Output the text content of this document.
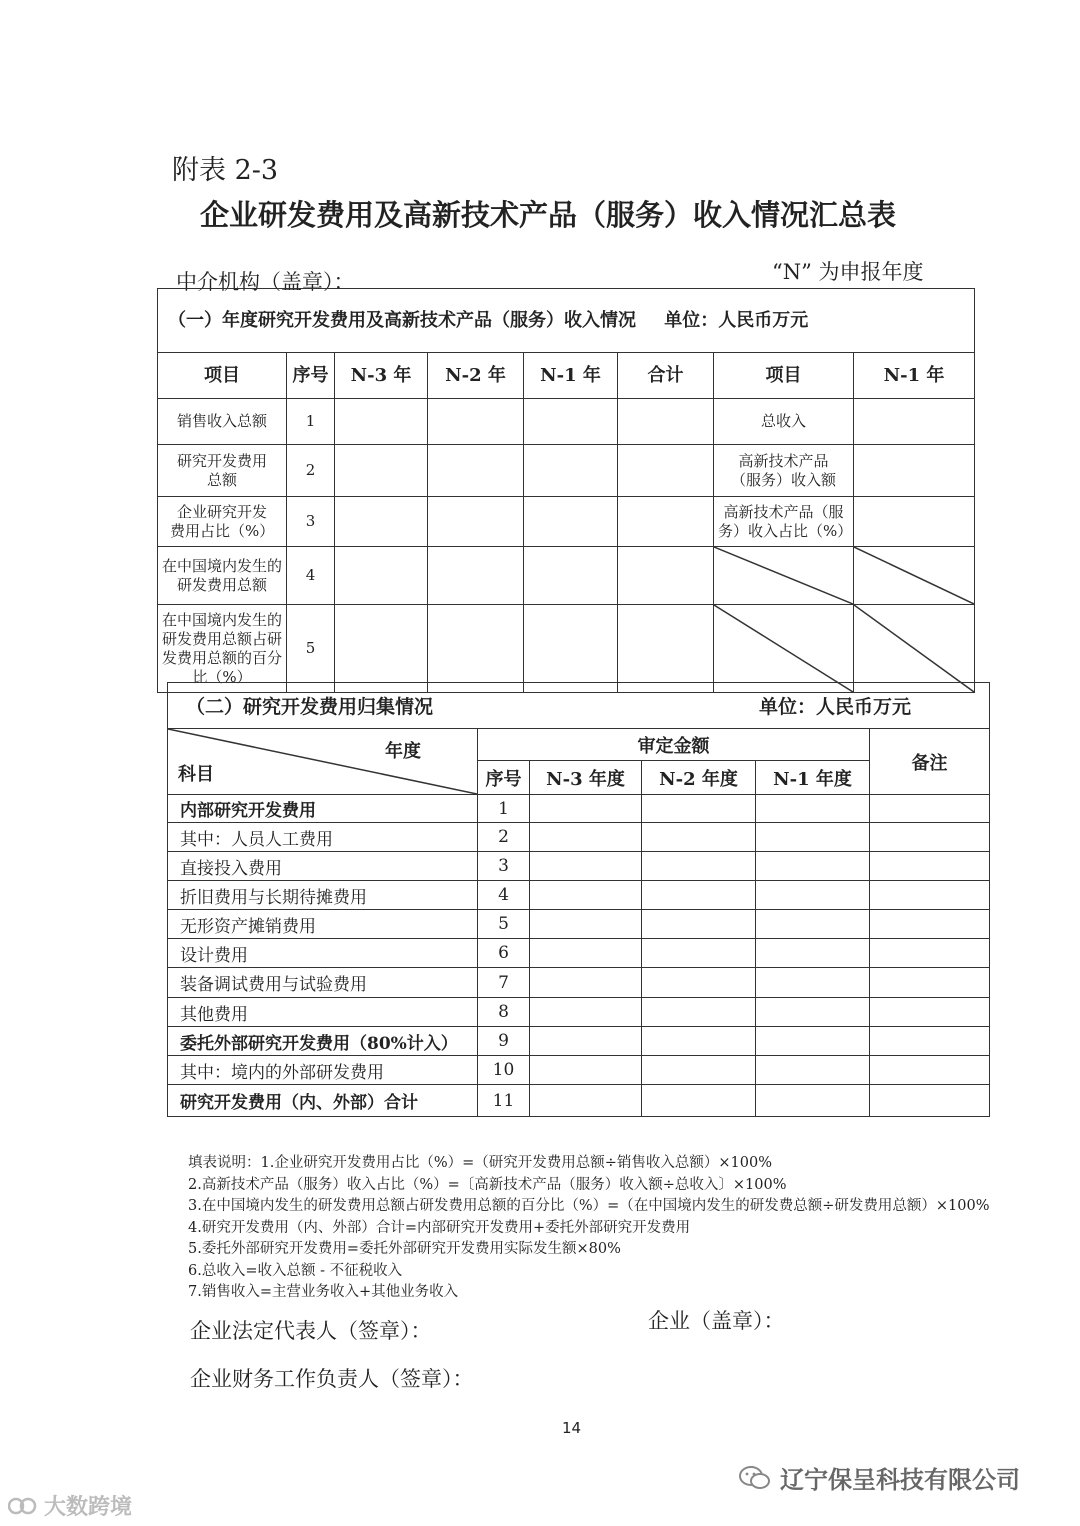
附表 2-3
企业研发费用及高新技术产品（服务）收入情况汇总表
中介机构（盖章）：	“N” 为申报年度
（一）年度研究开发费用及高新技术产品（服务）收入情况 单位：人民币万元							
项目	序号	N-3 年	N-2 年	N-1 年	合计	项目	N-1 年
销售收入总额	1					总收入	
研究开发费用总额	2					高新技术产品（服务）收入额	
企业研究开发费用占比（%）	3					高新技术产品（服务）收入占比（%）	
在中国境内发生的研发费用总额	4					

在中国境内发生的研发费用总额占研发费用总额的百分比（%）	5					

（二）研究开发费用归集情况 单位：人民币万元					

年度
科目	审定金额				备注
	序号	N-3 年度	N-2 年度	N-1 年度	
内部研究开发费用	1				
其中：人员人工费用	2				
直接投入费用	3				
折旧费用与长期待摊费用	4				
无形资产摊销费用	5				
设计费用	6				
装备调试费用与试验费用	7				
其他费用	8				
委托外部研究开发费用（80%计入）	9				
其中：境内的外部研发费用	10				
研究开发费用（内、外部）合计	11				
填表说明：1.企业研究开发费用占比（%）=（研究开发费用总额÷销售收入总额）×100%
2.高新技术产品（服务）收入占比（%）=〔高新技术产品（服务）收入额÷总收入〕×100%
3.在中国境内发生的研发费用总额占研发费用总额的百分比（%）=（在中国境内发生的研发费总额÷研发费用总额）×100%
4.研究开发费用（内、外部）合计=内部研究开发费用+委托外部研究开发费用
5.委托外部研究开发费用=委托外部研究开发费用实际发生额×80%
6.总收入=收入总额 - 不征税收入
7.销售收入=主营业务收入+其他业务收入
企业法定代表人（签章）：	企业（盖章）：
企业财务工作负责人（签章）：
14
大数跨境
辽宁保呈科技有限公司
